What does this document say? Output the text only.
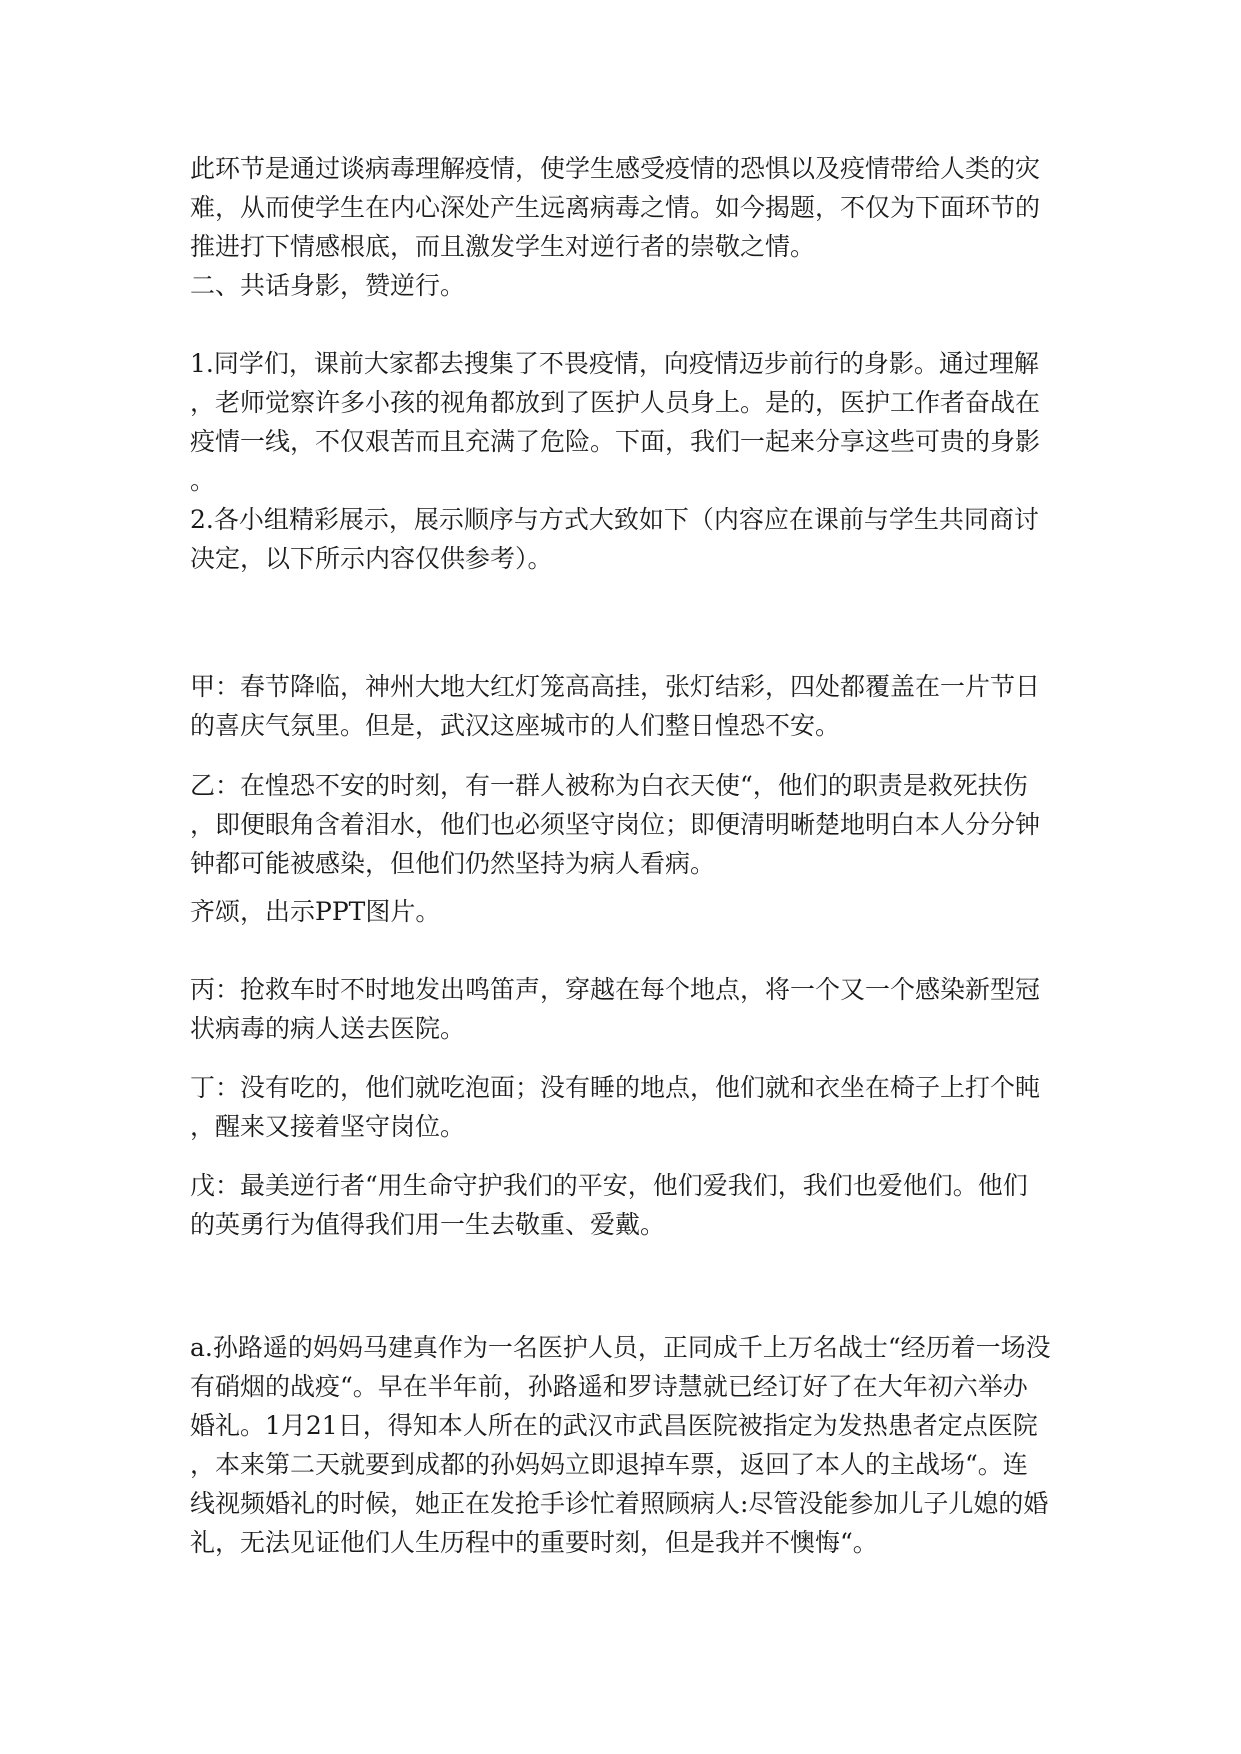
此环节是通过谈病毒理解疫情，使学生感受疫情的恐惧以及疫情带给人类的灾
难，从而使学生在内心深处产生远离病毒之情。如今揭题，不仅为下面环节的
推进打下情感根底，而且激发学生对逆行者的崇敬之情。

二、共话身影，赞逆行。

1.同学们，课前大家都去搜集了不畏疫情，向疫情迈步前行的身影。通过理解
，老师觉察许多小孩的视角都放到了医护人员身上。是的，医护工作者奋战在
疫情一线，不仅艰苦而且充满了危险。下面，我们一起来分享这些可贵的身影
。

2.各小组精彩展示，展示顺序与方式大致如下（内容应在课前与学生共同商讨
决定，以下所示内容仅供参考）。

甲：春节降临，神州大地大红灯笼高高挂，张灯结彩，四处都覆盖在一片节日
的喜庆气氛里。但是，武汉这座城市的人们整日惶恐不安。

乙：在惶恐不安的时刻，有一群人被称为白衣天使“，他们的职责是救死扶伤
，即便眼角含着泪水，他们也必须坚守岗位；即便清明晰楚地明白本人分分钟
钟都可能被感染，但他们仍然坚持为病人看病。

齐颂，出示PPT图片。

丙：抢救车时不时地发出鸣笛声，穿越在每个地点，将一个又一个感染新型冠
状病毒的病人送去医院。

丁：没有吃的，他们就吃泡面；没有睡的地点，他们就和衣坐在椅子上打个盹
，醒来又接着坚守岗位。

戊：最美逆行者“用生命守护我们的平安，他们爱我们，我们也爱他们。他们
的英勇行为值得我们用一生去敬重、爱戴。

a.孙路遥的妈妈马建真作为一名医护人员，正同成千上万名战士“经历着一场没
有硝烟的战疫“。早在半年前，孙路遥和罗诗慧就已经订好了在大年初六举办
婚礼。1月21日，得知本人所在的武汉市武昌医院被指定为发热患者定点医院
，本来第二天就要到成都的孙妈妈立即退掉车票，返回了本人的主战场“。连
线视频婚礼的时候，她正在发抢手诊忙着照顾病人:尽管没能参加儿子儿媳的婚
礼，无法见证他们人生历程中的重要时刻，但是我并不懊悔“。
